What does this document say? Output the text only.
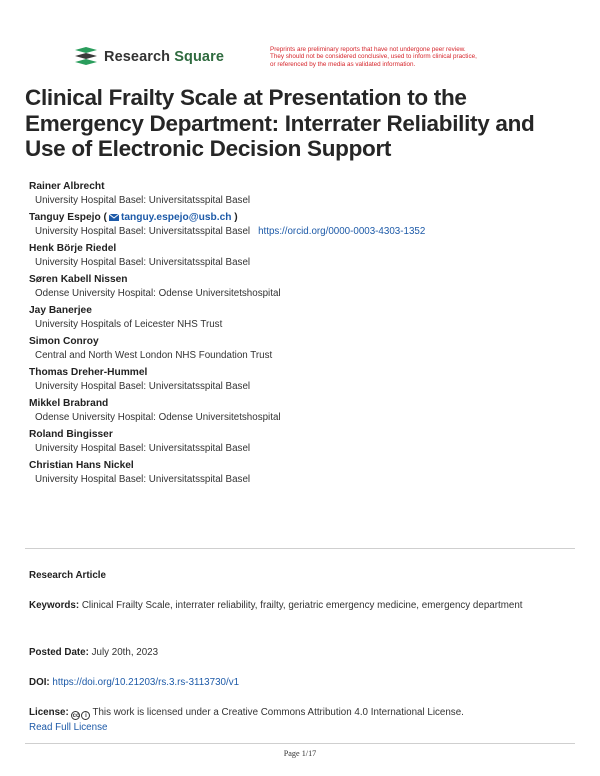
Research Square	Preprints are preliminary reports that have not undergone peer review.
They should not be considered conclusive, used to inform clinical practice,
or referenced by the media as validated information.
Clinical Frailty Scale at Presentation to the Emergency Department: Interrater Reliability and Use of Electronic Decision Support
Rainer Albrecht
University Hospital Basel: Universitatsspital Basel
Tanguy Espejo ( tanguy.espejo@usb.ch )
University Hospital Basel: Universitatsspital Basel https://orcid.org/0000-0003-4303-1352
Henk Börje Riedel
University Hospital Basel: Universitatsspital Basel
Søren Kabell Nissen
Odense University Hospital: Odense Universitetshospital
Jay Banerjee
University Hospitals of Leicester NHS Trust
Simon Conroy
Central and North West London NHS Foundation Trust
Thomas Dreher-Hummel
University Hospital Basel: Universitatsspital Basel
Mikkel Brabrand
Odense University Hospital: Odense Universitetshospital
Roland Bingisser
University Hospital Basel: Universitatsspital Basel
Christian Hans Nickel
University Hospital Basel: Universitatsspital Basel
Research Article
Keywords: Clinical Frailty Scale, interrater reliability, frailty, geriatric emergency medicine, emergency department
Posted Date: July 20th, 2023
DOI: https://doi.org/10.21203/rs.3.rs-3113730/v1
License: cc i This work is licensed under a Creative Commons Attribution 4.0 International License.
Read Full License
Page 1/17
